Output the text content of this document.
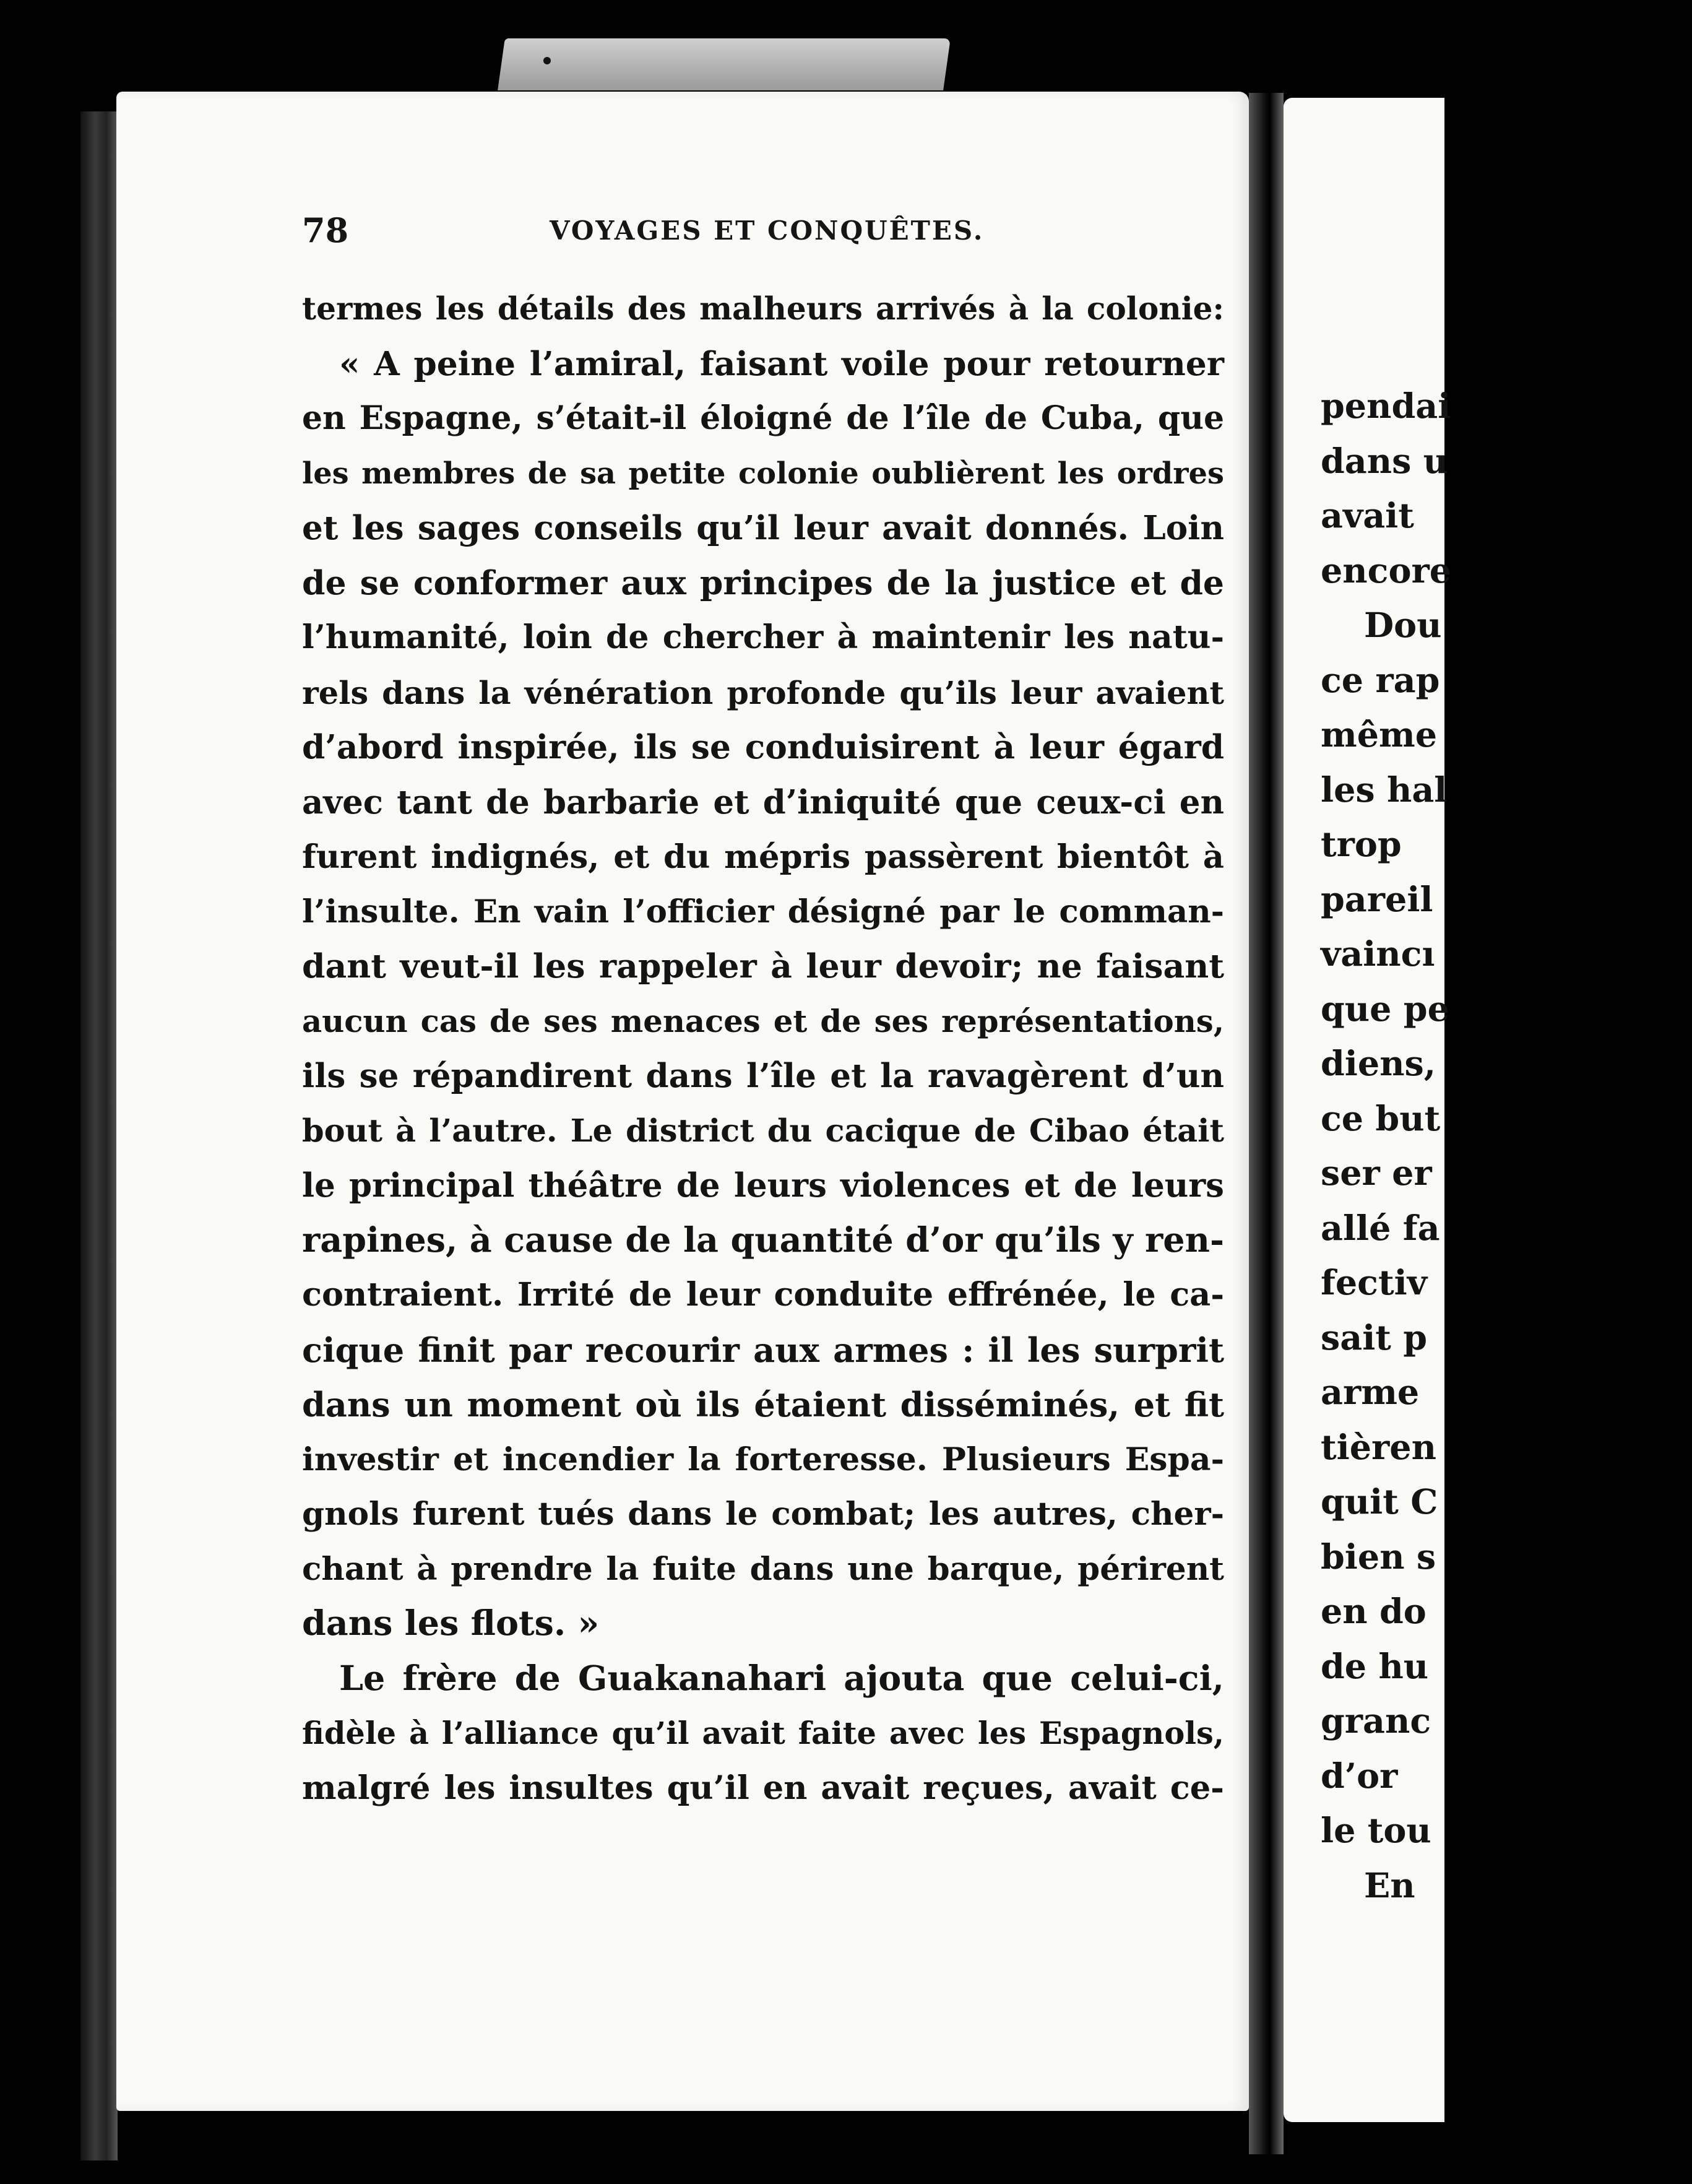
78	VOYAGES ET CONQUÊTES.
termes les détails des malheurs arrivés à la colonie:
« A peine l’amiral, faisant voile pour retourner
en Espagne, s’était-il éloigné de l’île de Cuba, que
les membres de sa petite colonie oublièrent les ordres
et les sages conseils qu’il leur avait donnés. Loin
de se conformer aux principes de la justice et de
l’humanité, loin de chercher à maintenir les natu-
rels dans la vénération profonde qu’ils leur avaient
d’abord inspirée, ils se conduisirent à leur égard
avec tant de barbarie et d’iniquité que ceux-ci en
furent indignés, et du mépris passèrent bientôt à
l’insulte. En vain l’officier désigné par le comman-
dant veut-il les rappeler à leur devoir; ne faisant
aucun cas de ses menaces et de ses représentations,
ils se répandirent dans l’île et la ravagèrent d’un
bout à l’autre. Le district du cacique de Cibao était
le principal théâtre de leurs violences et de leurs
rapines, à cause de la quantité d’or qu’ils y ren-
contraient. Irrité de leur conduite effrénée, le ca-
cique finit par recourir aux armes : il les surprit
dans un moment où ils étaient disséminés, et fit
investir et incendier la forteresse. Plusieurs Espa-
gnols furent tués dans le combat; les autres, cher-
chant à prendre la fuite dans une barque, périrent
dans les flots. »
Le frère de Guakanahari ajouta que celui-ci,
fidèle à l’alliance qu’il avait faite avec les Espagnols,
malgré les insultes qu’il en avait reçues, avait ce-
pendai
dans u
avait
encore
Dou
ce rap
même
les hal
trop
pareil
vaincı
que pe
diens,
ce but
ser er
allé fa
fectiv
sait p
arme
tièren
quit C
bien s
en do
de hu
granc
d’or
le tou
En
